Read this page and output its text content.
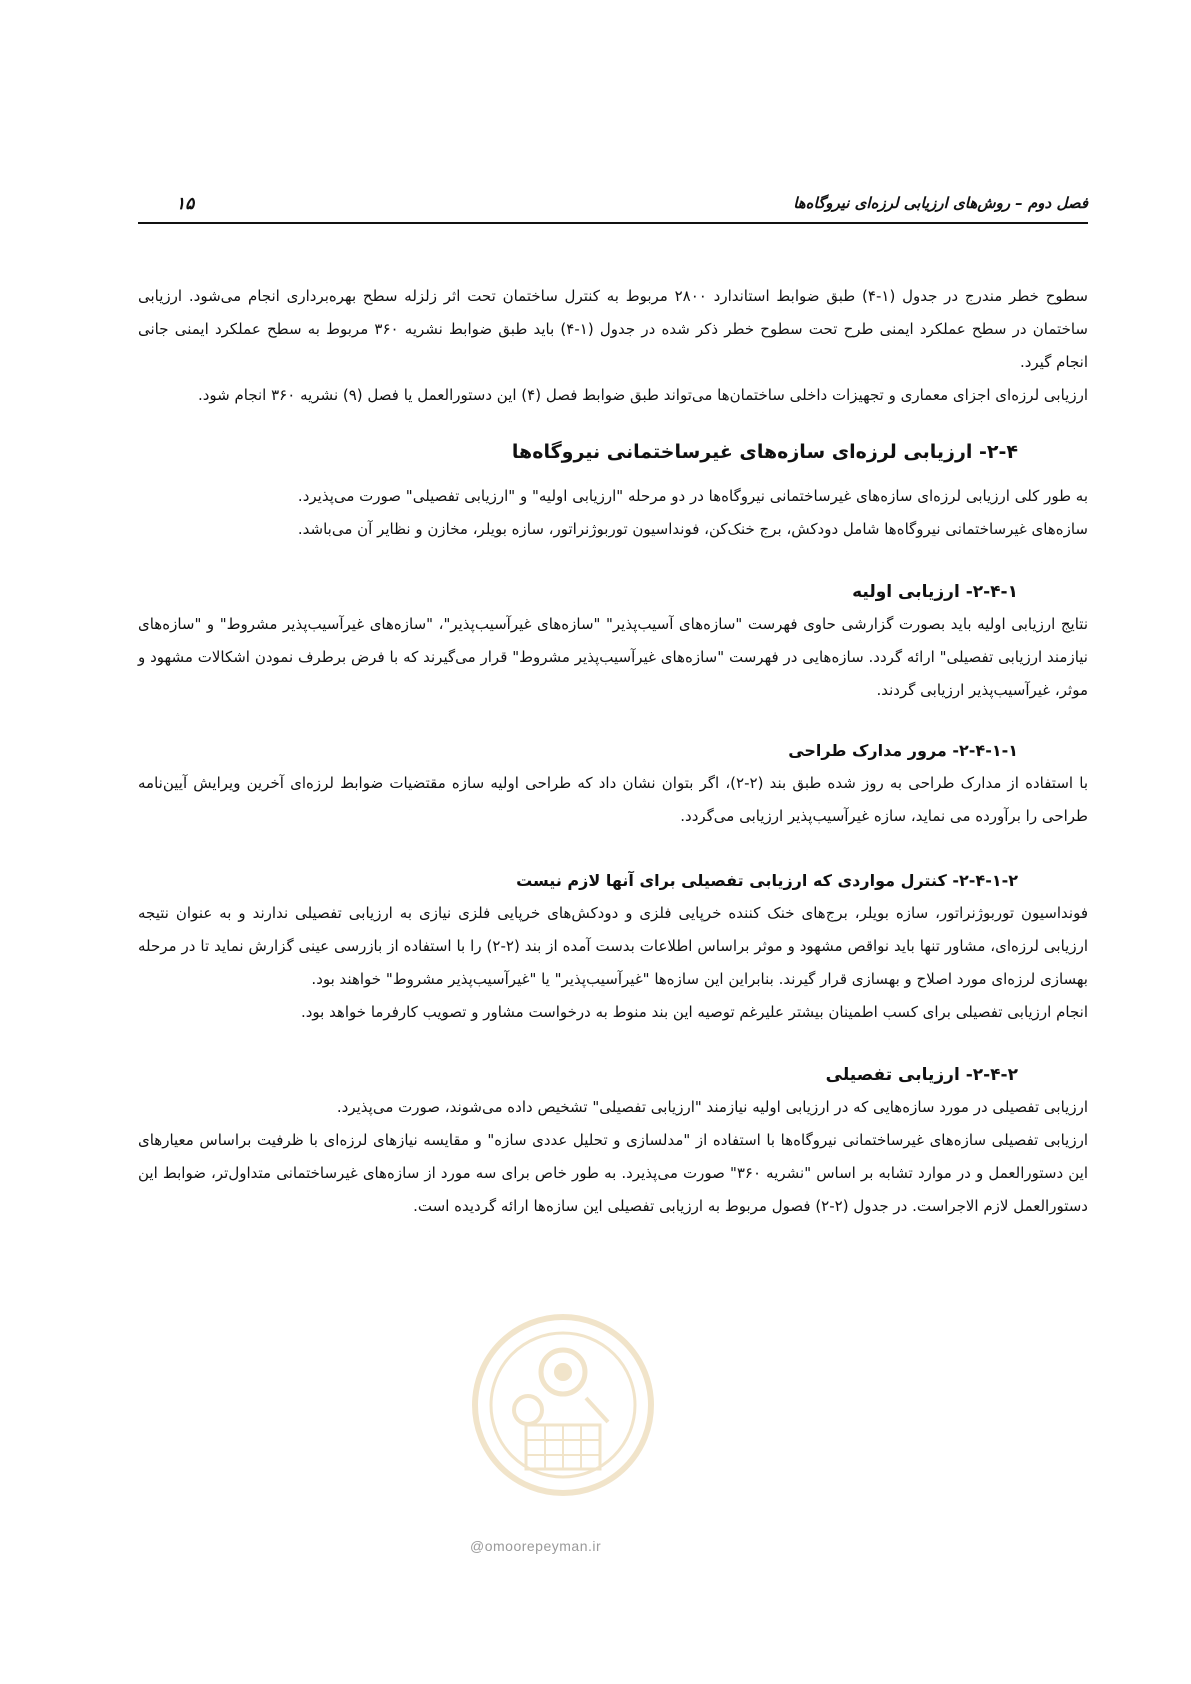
فصل دوم – روش‌های ارزیابی لرزه‌ای نیروگاه‌ها
۱۵

سطوح خطر مندرج در جدول (۱-۴) طبق ضوابط استاندارد ۲۸۰۰ مربوط به کنترل ساختمان تحت اثر زلزله سطح بهره‌برداری انجام می‌شود. ارزیابی ساختمان در سطح عملکرد ایمنی طرح تحت سطوح خطر ذکر شده در جدول (۱-۴) باید طبق ضوابط نشریه ۳۶۰ مربوط به سطح عملکرد ایمنی جانی انجام گیرد.

ارزیابی لرزه‌ای اجزای معماری و تجهیزات داخلی ساختمان‌ها می‌تواند طبق ضوابط فصل (۴) این دستورالعمل یا فصل (۹) نشریه ۳۶۰ انجام شود.

۲-۴- ارزیابی لرزه‌ای سازه‌های غیرساختمانی نیروگاه‌ها

به طور کلی ارزیابی لرزه‌ای سازه‌های غیرساختمانی نیروگاه‌ها در دو مرحله "ارزیابی اولیه" و "ارزیابی تفصیلی" صورت می‌پذیرد.

سازه‌های غیرساختمانی نیروگاه‌ها شامل دودکش، برج خنک‌کن، فونداسیون توربوژنراتور، سازه بویلر، مخازن و نظایر آن می‌باشد.

۲-۴-۱- ارزیابی اولیه

نتایج ارزیابی اولیه باید بصورت گزارشی حاوی فهرست "سازه‌های آسیب‌پذیر" "سازه‌های غیرآسیب‌پذیر"، "سازه‌های غیرآسیب‌پذیر مشروط" و "سازه‌های نیازمند ارزیابی تفصیلی" ارائه گردد. سازه‌هایی در فهرست "سازه‌های غیرآسیب‌پذیر مشروط" قرار می‌گیرند که با فرض برطرف نمودن اشکالات مشهود و موثر، غیرآسیب‌پذیر ارزیابی گردند.

۲-۴-۱-۱- مرور مدارک طراحی

با استفاده از مدارک طراحی به روز شده طبق بند (۲-۲)، اگر بتوان نشان داد که طراحی اولیه سازه مقتضیات ضوابط لرزه‌ای آخرین ویرایش آیین‌نامه طراحی را برآورده می نماید، سازه غیرآسیب‌پذیر ارزیابی می‌گردد.

۲-۴-۱-۲- کنترل مواردی که ارزیابی تفصیلی برای آنها لازم نیست

فونداسیون توربوژنراتور، سازه بویلر، برج‌های خنک کننده خرپایی فلزی و دودکش‌های خرپایی فلزی نیازی به ارزیابی تفصیلی ندارند و به عنوان نتیجه ارزیابی لرزه‌ای، مشاور تنها باید نواقص مشهود و موثر براساس اطلاعات بدست آمده از بند (۲-۲) را با استفاده از بازرسی عینی گزارش نماید تا در مرحله بهسازی لرزه‌ای مورد اصلاح و بهسازی قرار گیرند. بنابراین این سازه‌ها "غیرآسیب‌پذیر" یا "غیرآسیب‌پذیر مشروط" خواهند بود.

انجام ارزیابی تفصیلی برای کسب اطمینان بیشتر علیرغم توصیه این بند منوط به درخواست مشاور و تصویب کارفرما خواهد بود.

۲-۴-۲- ارزیابی تفصیلی

ارزیابی تفصیلی در مورد سازه‌هایی که در ارزیابی اولیه نیازمند "ارزیابی تفصیلی" تشخیص داده می‌شوند، صورت می‌پذیرد.

ارزیابی تفصیلی سازه‌های غیرساختمانی نیروگاه‌ها با استفاده از "مدلسازی و تحلیل عددی سازه" و مقایسه نیازهای لرزه‌ای با ظرفیت براساس معیارهای این دستورالعمل و در موارد تشابه بر اساس "نشریه ۳۶۰" صورت می‌پذیرد. به طور خاص برای سه مورد از سازه‌های غیرساختمانی متداول‌تر، ضوابط این دستورالعمل لازم الاجراست. در جدول (۲-۲) فصول مربوط به ارزیابی تفصیلی این سازه‌ها ارائه گردیده است.

@omoorepeyman.ir
